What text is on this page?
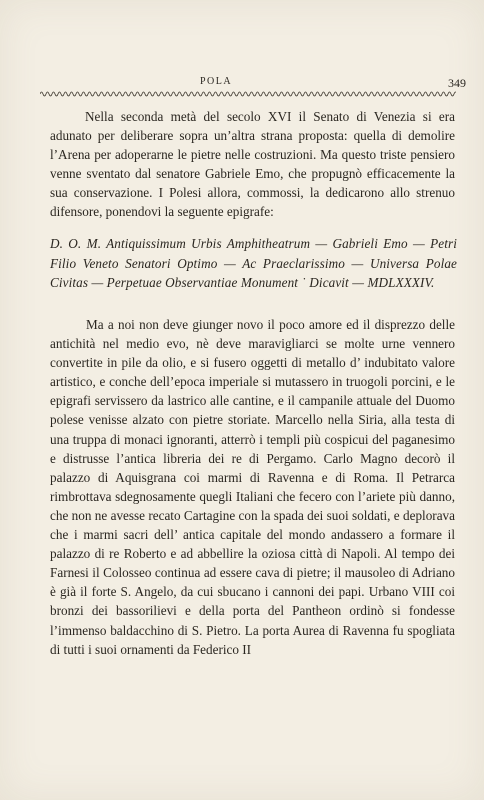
POLA	349

Nella seconda metà del secolo XVI il Senato di Venezia si era adunato per deliberare sopra un’altra strana proposta: quella di demolire l’Arena per adoperarne le pietre nelle costruzioni. Ma questo triste pensiero venne sventato dal senatore Gabriele Emo, che propugnò efficacemente la sua conservazione. I Polesi allora, commossi, la dedicarono allo strenuo difensore, ponendovi la seguente epigrafe:

D. O. M. Antiquissimum Urbis Amphitheatrum — Gabrieli Emo — Petri Filio Veneto Senatori Optimo — Ac Praeclarissimo — Universa Polae Civitas — Perpetuae Observantiae Monument ˙ Dicavit — MDLXXXIV.

Ma a noi non deve giunger novo il poco amore ed il disprezzo delle antichità nel medio evo, nè deve maravigliarci se molte urne vennero convertite in pile da olio, e si fusero oggetti di metallo d’ indubitato valore artistico, e conche dell’epoca imperiale si mutassero in truogoli porcini, e le epigrafi servissero da lastrico alle cantine, e il campanile attuale del Duomo polese venisse alzato con pietre storiate. Marcello nella Siria, alla testa di una truppa di monaci ignoranti, atterrò i templi più cospicui del paganesimo e distrusse l’antica libreria dei re di Pergamo. Carlo Magno decorò il palazzo di Aquisgrana coi marmi di Ravenna e di Roma. Il Petrarca rimbrottava sdegnosamente quegli Italiani che fecero con l’ariete più danno, che non ne avesse recato Cartagine con la spada dei suoi soldati, e deplorava che i marmi sacri dell’ antica capitale del mondo andassero a formare il palazzo di re Roberto e ad abbellire la oziosa città di Napoli. Al tempo dei Farnesi il Colosseo continua ad essere cava di pietre; il mausoleo di Adriano è già il forte S. Angelo, da cui sbucano i cannoni dei papi. Urbano VIII coi bronzi dei bassorilievi e della porta del Pantheon ordinò si fondesse l’immenso baldacchino di S. Pietro. La porta Aurea di Ravenna fu spogliata di tutti i suoi ornamenti da Federico II
